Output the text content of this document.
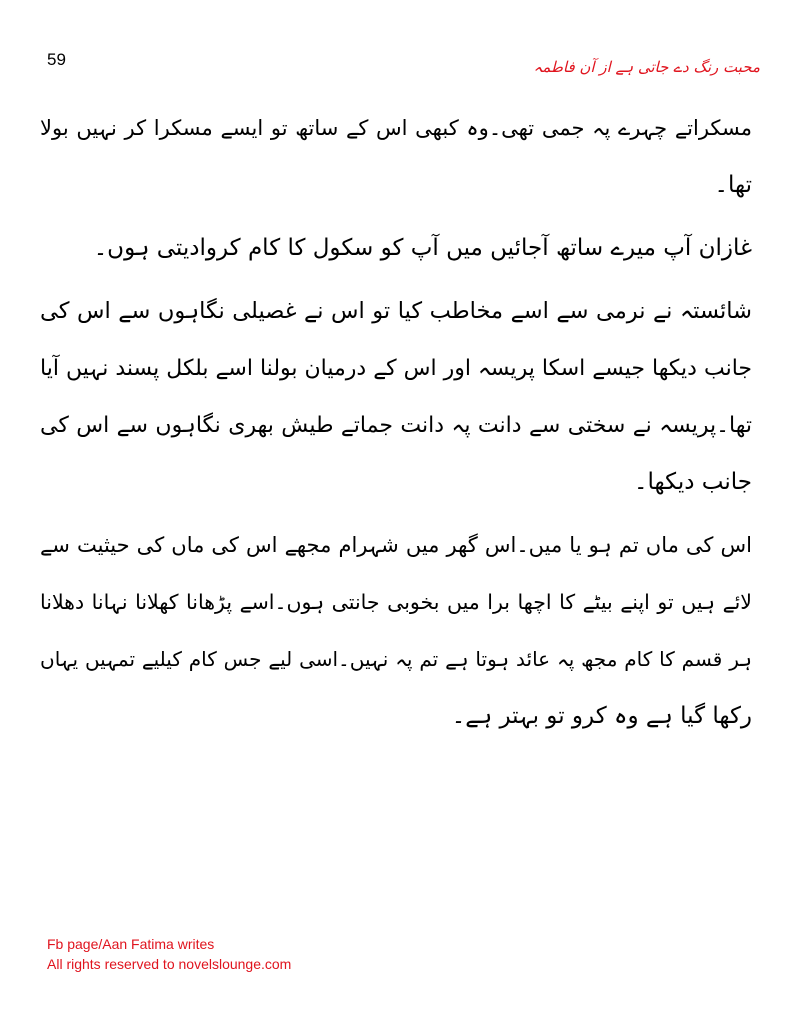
59	محبت رنگ دے جاتی ہے از آن فاطمہ
مسکراتے چہرے پہ جمی تھی۔وہ کبھی اس کے ساتھ تو ایسے مسکرا کر نہیں بولا
تھا۔
غازان آپ میرے ساتھ آجائیں میں آپ کو سکول کا کام کروادیتی ہوں۔
شائستہ نے نرمی سے اسے مخاطب کیا تو اس نے غصیلی نگاہوں سے اس کی
جانب دیکھا جیسے اسکا پریسہ اور اس کے درمیان بولنا اسے بلکل پسند نہیں آیا
تھا۔پریسہ نے سختی سے دانت پہ دانت جماتے طیش بھری نگاہوں سے اس کی
جانب دیکھا۔
اس کی ماں تم ہو یا میں۔اس گھر میں شہرام مجھے اس کی ماں کی حیثیت سے
لائے ہیں تو اپنے بیٹے کا اچھا برا میں بخوبی جانتی ہوں۔اسے پڑھانا کھلانا نہانا دھلانا
ہر قسم کا کام مجھ پہ عائد ہوتا ہے تم پہ نہیں۔اسی لیے جس کام کیلیے تمہیں یہاں
رکھا گیا ہے وہ کرو تو بہتر ہے۔
Fb page/Aan Fatima writes
All rights reserved to novelslounge.com
